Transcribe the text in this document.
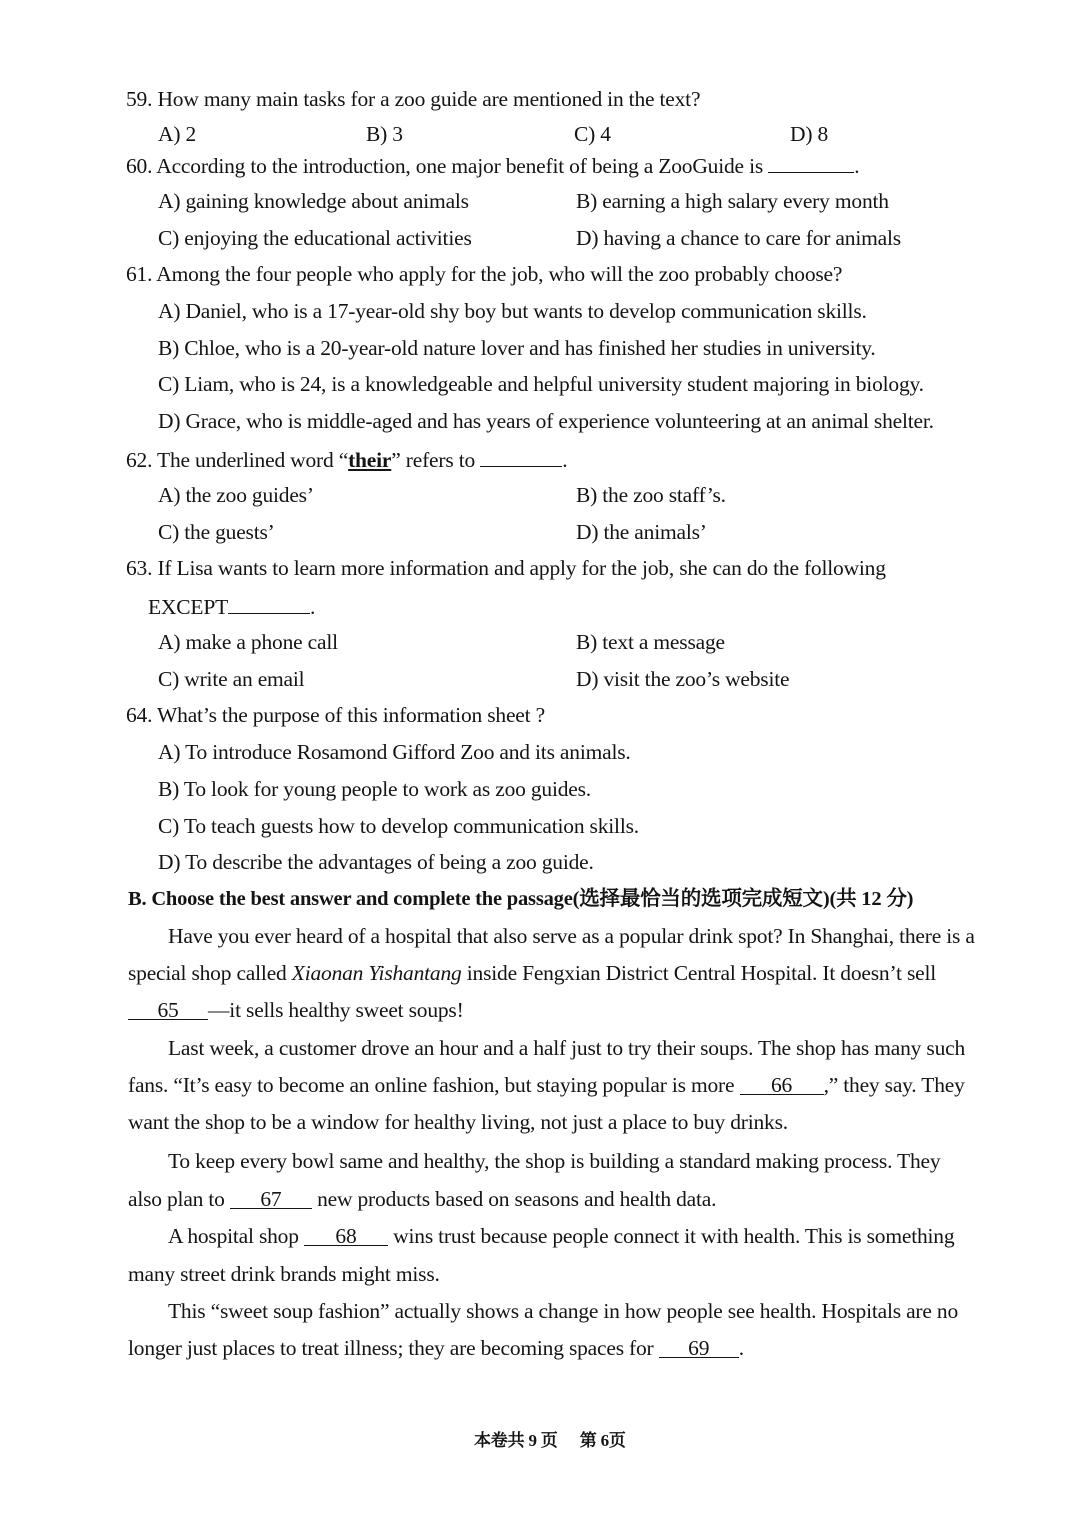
59. How many main tasks for a zoo guide are mentioned in the text?
A) 2	B) 3	C) 4	D) 8
60. According to the introduction, one major benefit of being a ZooGuide is	.
A) gaining knowledge about animals	B) earning a high salary every month
C) enjoying the educational activities	D) having a chance to care for animals
61. Among the four people who apply for the job, who will the zoo probably choose?
A) Daniel, who is a 17-year-old shy boy but wants to develop communication skills.
B) Chloe, who is a 20-year-old nature lover and has finished her studies in university.
C) Liam, who is 24, is a knowledgeable and helpful university student majoring in biology.
D) Grace, who is middle-aged and has years of experience volunteering at an animal shelter.
62. The underlined word “their” refers to	.
A) the zoo guides’	B) the zoo staff’s.
C) the guests’	D) the animals’
63. If Lisa wants to learn more information and apply for the job, she can do the following
EXCEPT	.
A) make a phone call	B) text a message
C) write an email	D) visit the zoo’s website
64. What’s the purpose of this information sheet ?
A) To introduce Rosamond Gifford Zoo and its animals.
B) To look for young people to work as zoo guides.
C) To teach guests how to develop communication skills.
D) To describe the advantages of being a zoo guide.
B. Choose the best answer and complete the passage(选择最恰当的选项完成短文)(共 12 分)
Have you ever heard of a hospital that also serve as a popular drink spot? In Shanghai, there is a
special shop called Xiaonan Yishantang inside Fengxian District Central Hospital. It doesn’t sell
65 —it sells healthy sweet soups!
Last week, a customer drove an hour and a half just to try their soups. The shop has many such
fans. “It’s easy to become an online fashion, but staying popular is more 66 ,” they say. They
want the shop to be a window for healthy living, not just a place to buy drinks.
To keep every bowl same and healthy, the shop is building a standard making process. They
also plan to 67 new products based on seasons and health data.
A hospital shop 68 wins trust because people connect it with health. This is something
many street drink brands might miss.
This “sweet soup fashion” actually shows a change in how people see health. Hospitals are no
longer just places to treat illness; they are becoming spaces for 69 .
本卷共 9 页 第 6页
